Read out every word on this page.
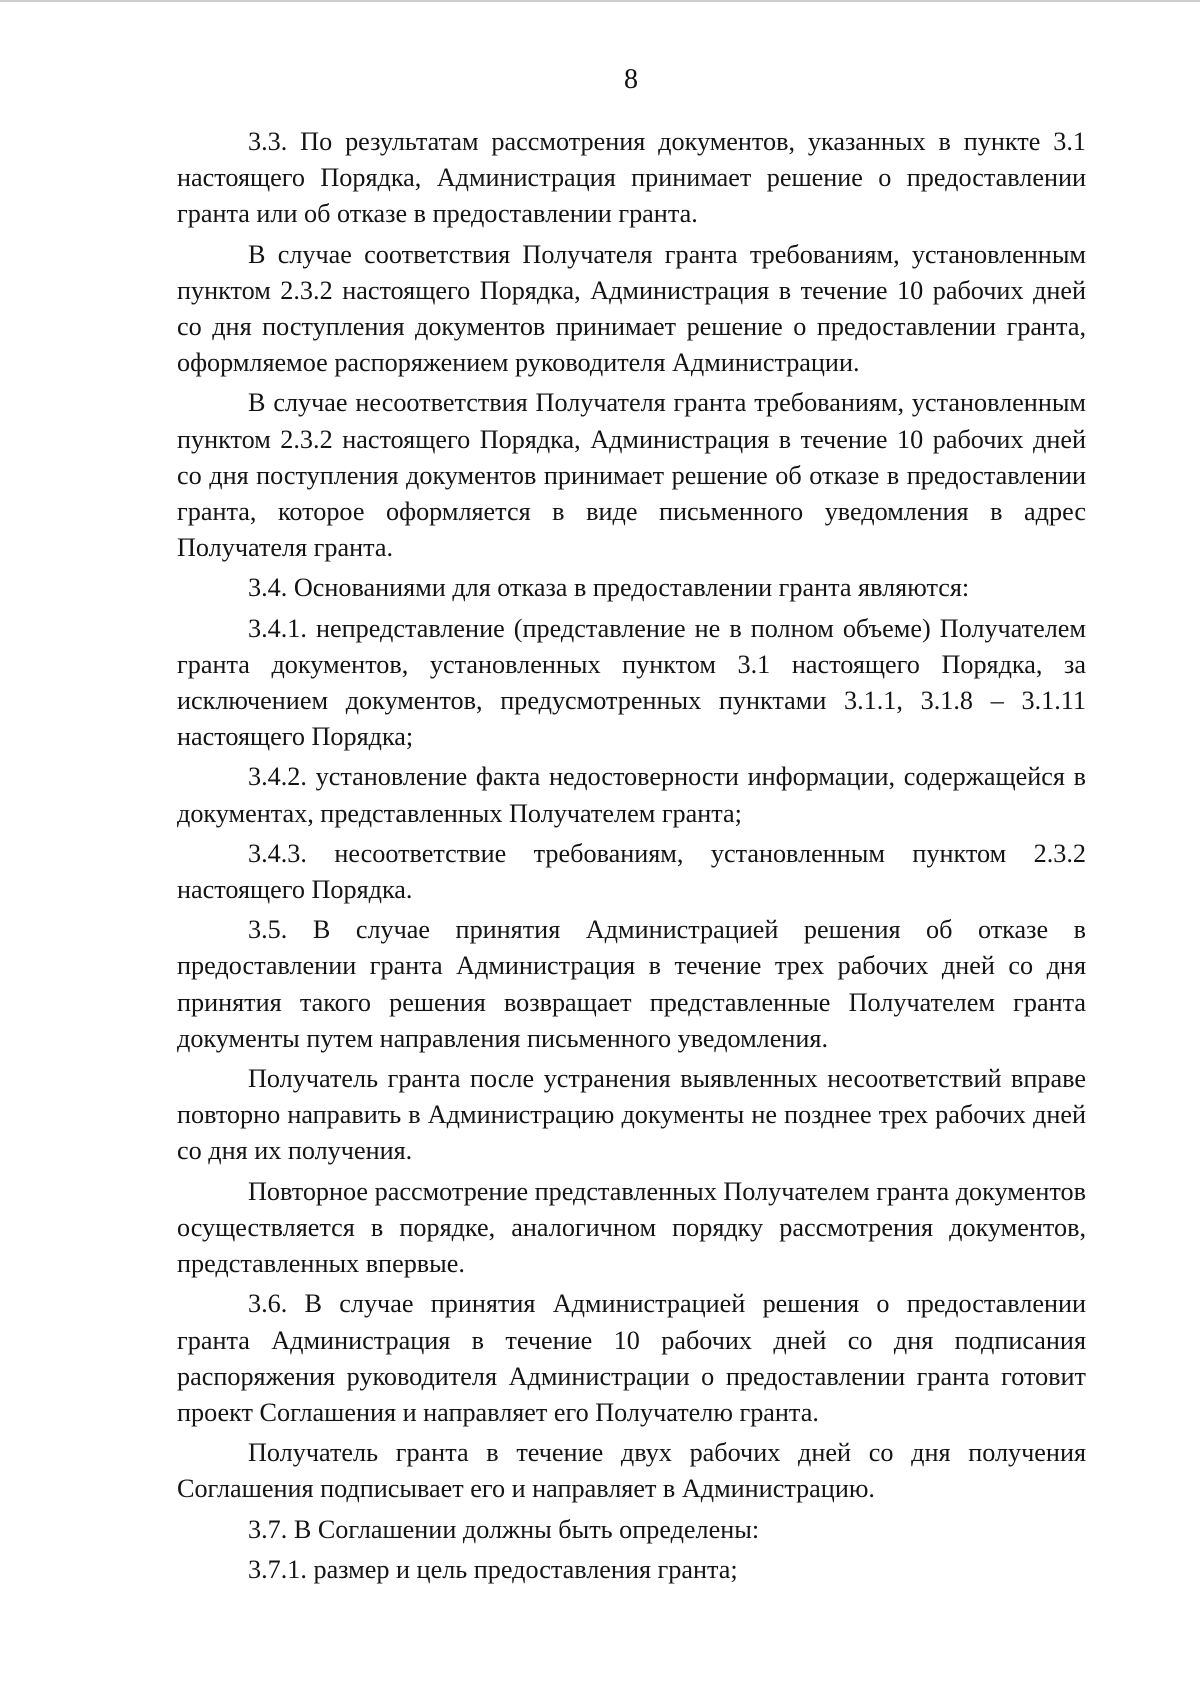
8

3.3. По результатам рассмотрения документов, указанных в пункте 3.1 настоящего Порядка, Администрация принимает решение о предоставлении гранта или об отказе в предоставлении гранта.

В случае соответствия Получателя гранта требованиям, установленным пунктом 2.3.2 настоящего Порядка, Администрация в течение 10 рабочих дней со дня поступления документов принимает решение о предоставлении гранта, оформляемое распоряжением руководителя Администрации.

В случае несоответствия Получателя гранта требованиям, установленным пунктом 2.3.2 настоящего Порядка, Администрация в течение 10 рабочих дней со дня поступления документов принимает решение об отказе в предоставлении гранта, которое оформляется в виде письменного уведомления в адрес Получателя гранта.

3.4. Основаниями для отказа в предоставлении гранта являются:

3.4.1. непредставление (представление не в полном объеме) Получателем гранта документов, установленных пунктом 3.1 настоящего Порядка, за исключением документов, предусмотренных пунктами 3.1.1, 3.1.8 – 3.1.11 настоящего Порядка;

3.4.2. установление факта недостоверности информации, содержащейся в документах, представленных Получателем гранта;

3.4.3. несоответствие требованиям, установленным пунктом 2.3.2 настоящего Порядка.

3.5. В случае принятия Администрацией решения об отказе в предоставлении гранта Администрация в течение трех рабочих дней со дня принятия такого решения возвращает представленные Получателем гранта документы путем направления письменного уведомления.

Получатель гранта после устранения выявленных несоответствий вправе повторно направить в Администрацию документы не позднее трех рабочих дней со дня их получения.

Повторное рассмотрение представленных Получателем гранта документов осуществляется в порядке, аналогичном порядку рассмотрения документов, представленных впервые.

3.6. В случае принятия Администрацией решения о предоставлении гранта Администрация в течение 10 рабочих дней со дня подписания распоряжения руководителя Администрации о предоставлении гранта готовит проект Соглашения и направляет его Получателю гранта.

Получатель гранта в течение двух рабочих дней со дня получения Соглашения подписывает его и направляет в Администрацию.

3.7. В Соглашении должны быть определены:

3.7.1. размер и цель предоставления гранта;
